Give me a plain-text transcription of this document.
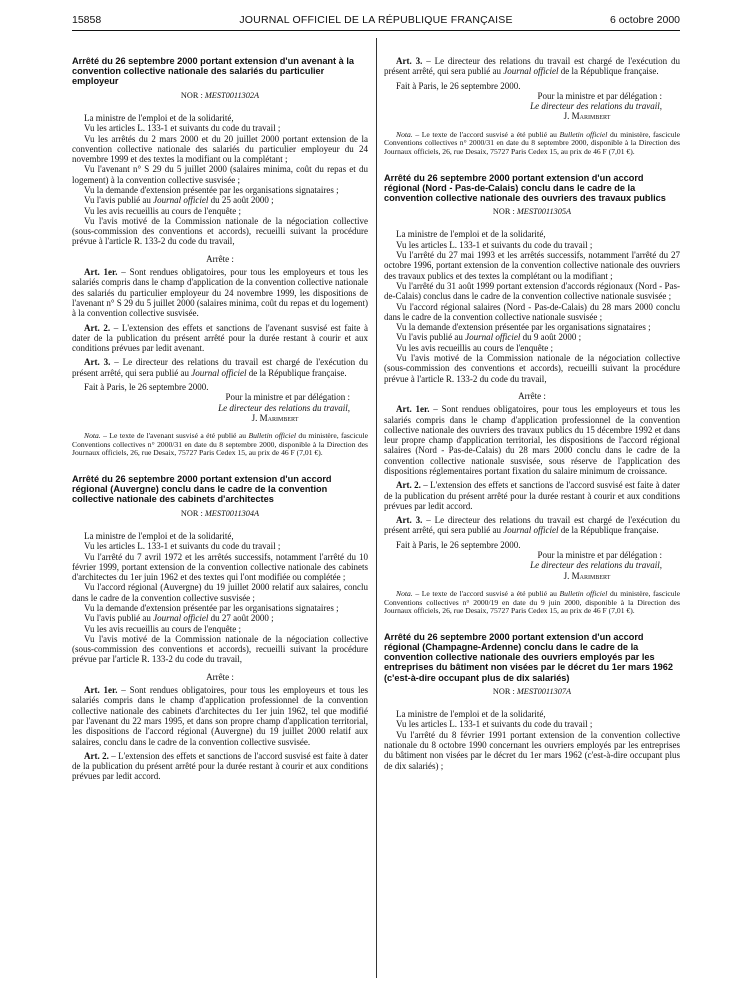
15858	JOURNAL OFFICIEL DE LA RÉPUBLIQUE FRANÇAISE	6 octobre 2000
Arrêté du 26 septembre 2000 portant extension d'un avenant à la convention collective nationale des salariés du particulier employeur
NOR : MEST0011302A

La ministre de l'emploi et de la solidarité,

Vu les articles L. 133-1 et suivants du code du travail ;

Vu les arrêtés du 2 mars 2000 et du 20 juillet 2000 portant extension de la convention collective nationale des salariés du particulier employeur du 24 novembre 1999 et des textes la modifiant ou la complétant ;

Vu l'avenant n° S 29 du 5 juillet 2000 (salaires minima, coût du repas et du logement) à la convention collective susvisée ;

Vu la demande d'extension présentée par les organisations signataires ;

Vu l'avis publié au Journal officiel du 25 août 2000 ;

Vu les avis recueillis au cours de l'enquête ;

Vu l'avis motivé de la Commission nationale de la négociation collective (sous-commission des conventions et accords), recueilli suivant la procédure prévue à l'article R. 133-2 du code du travail,

Arrête :

Art. 1er. – Sont rendues obligatoires, pour tous les employeurs et tous les salariés compris dans le champ d'application de la convention collective nationale des salariés du particulier employeur du 24 novembre 1999, les dispositions de l'avenant n° S 29 du 5 juillet 2000 (salaires minima, coût du repas et du logement) à la convention collective susvisée.

Art. 2. – L'extension des effets et sanctions de l'avenant susvisé est faite à dater de la publication du présent arrêté pour la durée restant à courir et aux conditions prévues par ledit avenant.

Art. 3. – Le directeur des relations du travail est chargé de l'exécution du présent arrêté, qui sera publié au Journal officiel de la République française.

Fait à Paris, le 26 septembre 2000.

Pour la ministre et par délégation :

Le directeur des relations du travail,

J. Marimbert

Nota. – Le texte de l'avenant susvisé a été publié au Bulletin officiel du ministère, fascicule Conventions collectives n° 2000/31 en date du 8 septembre 2000, disponible à la Direction des Journaux officiels, 26, rue Desaix, 75727 Paris Cedex 15, au prix de 46 F (7,01 €).

Arrêté du 26 septembre 2000 portant extension d'un accord régional (Auvergne) conclu dans le cadre de la convention collective nationale des cabinets d'architectes
NOR : MEST0011304A

La ministre de l'emploi et de la solidarité,

Vu les articles L. 133-1 et suivants du code du travail ;

Vu l'arrêté du 7 avril 1972 et les arrêtés successifs, notamment l'arrêté du 10 février 1999, portant extension de la convention collective nationale des cabinets d'architectes du 1er juin 1962 et des textes qui l'ont modifiée ou complétée ;

Vu l'accord régional (Auvergne) du 19 juillet 2000 relatif aux salaires, conclu dans le cadre de la convention collective susvisée ;

Vu la demande d'extension présentée par les organisations signataires ;

Vu l'avis publié au Journal officiel du 27 août 2000 ;

Vu les avis recueillis au cours de l'enquête ;

Vu l'avis motivé de la Commission nationale de la négociation collective (sous-commission des conventions et accords), recueilli suivant la procédure prévue par l'article R. 133-2 du code du travail,

Arrête :

Art. 1er. – Sont rendues obligatoires, pour tous les employeurs et tous les salariés compris dans le champ d'application professionnel de la convention collective nationale des cabinets d'architectes du 1er juin 1962, tel que modifié par l'avenant du 22 mars 1995, et dans son propre champ d'application territorial, les dispositions de l'accord régional (Auvergne) du 19 juillet 2000 relatif aux salaires, conclu dans le cadre de la convention collective susvisée.

Art. 2. – L'extension des effets et sanctions de l'accord susvisé est faite à dater de la publication du présent arrêté pour la durée restant à courir et aux conditions prévues par ledit accord.

Art. 3. – Le directeur des relations du travail est chargé de l'exécution du présent arrêté, qui sera publié au Journal officiel de la République française.

Fait à Paris, le 26 septembre 2000.

Pour la ministre et par délégation :

Le directeur des relations du travail,

J. Marimbert

Nota. – Le texte de l'accord susvisé a été publié au Bulletin officiel du ministère, fascicule Conventions collectives n° 2000/31 en date du 8 septembre 2000, disponible à la Direction des Journaux officiels, 26, rue Desaix, 75727 Paris Cedex 15, au prix de 46 F (7,01 €).

Arrêté du 26 septembre 2000 portant extension d'un accord régional (Nord - Pas-de-Calais) conclu dans le cadre de la convention collective nationale des ouvriers des travaux publics
NOR : MEST0011305A

La ministre de l'emploi et de la solidarité,

Vu les articles L. 133-1 et suivants du code du travail ;

Vu l'arrêté du 27 mai 1993 et les arrêtés successifs, notamment l'arrêté du 27 octobre 1996, portant extension de la convention collective nationale des ouvriers des travaux publics et des textes la complétant ou la modifiant ;

Vu l'arrêté du 31 août 1999 portant extension d'accords régionaux (Nord - Pas-de-Calais) conclus dans le cadre de la convention collective nationale susvisée ;

Vu l'accord régional salaires (Nord - Pas-de-Calais) du 28 mars 2000 conclu dans le cadre de la convention collective nationale susvisée ;

Vu la demande d'extension présentée par les organisations signataires ;

Vu l'avis publié au Journal officiel du 9 août 2000 ;

Vu les avis recueillis au cours de l'enquête ;

Vu l'avis motivé de la Commission nationale de la négociation collective (sous-commission des conventions et accords), recueilli suivant la procédure prévue à l'article R. 133-2 du code du travail,

Arrête :

Art. 1er. – Sont rendues obligatoires, pour tous les employeurs et tous les salariés compris dans le champ d'application professionnel de la convention collective nationale des ouvriers des travaux publics du 15 décembre 1992 et dans leur propre champ d'application territorial, les dispositions de l'accord régional salaires (Nord - Pas-de-Calais) du 28 mars 2000 conclu dans le cadre de la convention collective nationale susvisée, sous réserve de l'application des dispositions réglementaires portant fixation du salaire minimum de croissance.

Art. 2. – L'extension des effets et sanctions de l'accord susvisé est faite à dater de la publication du présent arrêté pour la durée restant à courir et aux conditions prévues par ledit accord.

Art. 3. – Le directeur des relations du travail est chargé de l'exécution du présent arrêté, qui sera publié au Journal officiel de la République française.

Fait à Paris, le 26 septembre 2000.

Pour la ministre et par délégation :

Le directeur des relations du travail,

J. Marimbert

Nota. – Le texte de l'accord susvisé a été publié au Bulletin officiel du ministère, fascicule Conventions collectives n° 2000/19 en date du 9 juin 2000, disponible à la Direction des Journaux officiels, 26, rue Desaix, 75727 Paris Cedex 15, au prix de 46 F (7,01 €).

Arrêté du 26 septembre 2000 portant extension d'un accord régional (Champagne-Ardenne) conclu dans le cadre de la convention collective nationale des ouvriers employés par les entreprises du bâtiment non visées par le décret du 1er mars 1962 (c'est-à-dire occupant plus de dix salariés)
NOR : MEST0011307A

La ministre de l'emploi et de la solidarité,

Vu les articles L. 133-1 et suivants du code du travail ;

Vu l'arrêté du 8 février 1991 portant extension de la convention collective nationale du 8 octobre 1990 concernant les ouvriers employés par les entreprises du bâtiment non visées par le décret du 1er mars 1962 (c'est-à-dire occupant plus de dix salariés) ;
